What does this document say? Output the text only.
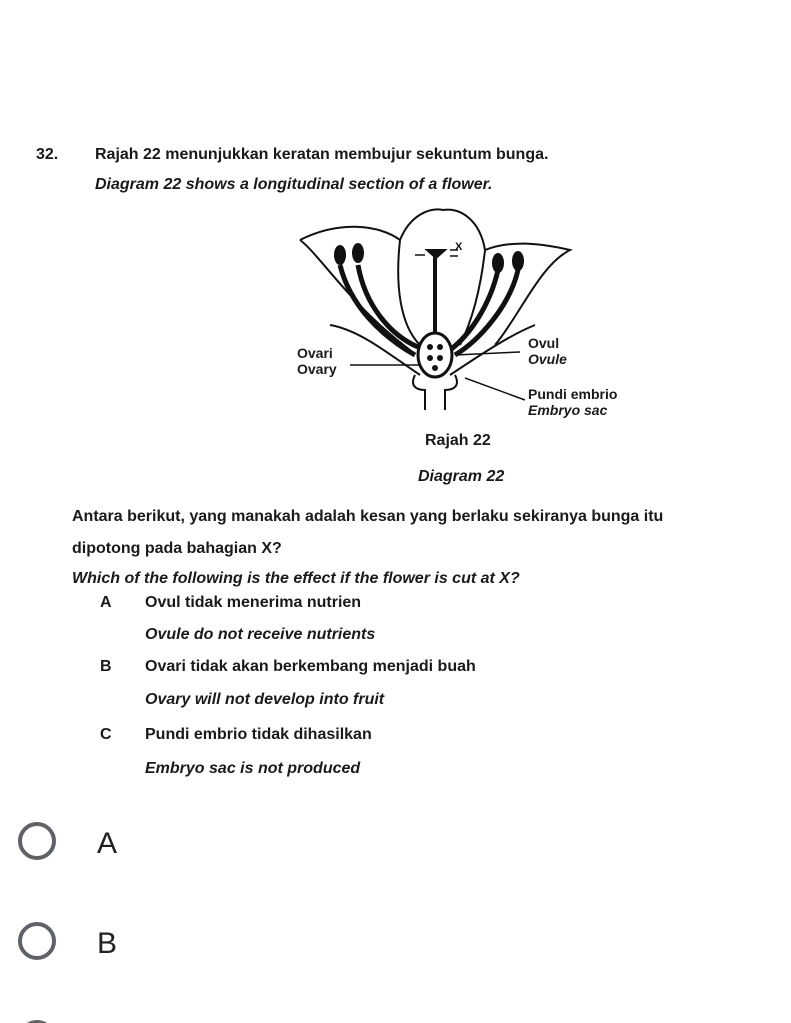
32. Rajah 22 menunjukkan keratan membujur sekuntum bunga.
Diagram 22 shows a longitudinal section of a flower.
X
Ovari
Ovary
Ovul
Ovule
Pundi embrio
Embryo sac
Rajah 22
Diagram 22
Antara berikut, yang manakah adalah kesan yang berlaku sekiranya bunga itu
dipotong pada bahagian X?
Which of the following is the effect if the flower is cut at X?
A Ovul tidak menerima nutrien
Ovule do not receive nutrients
B Ovari tidak akan berkembang menjadi buah
Ovary will not develop into fruit
C Pundi embrio tidak dihasilkan
Embryo sac is not produced
A
B
